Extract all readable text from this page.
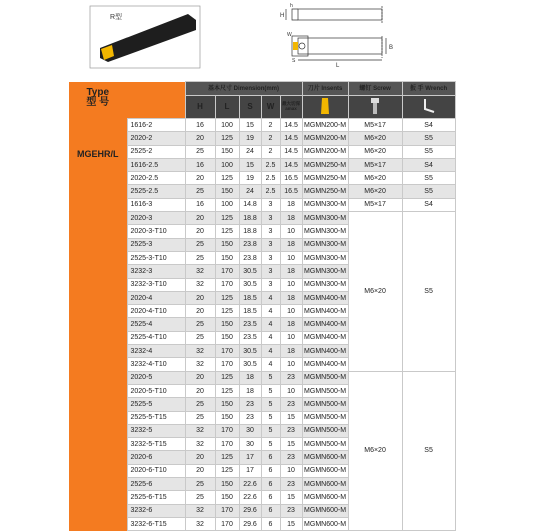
R型	H
h
W
S
L
B
Type
型 号
MGEHR/L		基本尺寸 Dimension(mm)					刀片 Insents	螺钉 Screw	扳 手 Wrench
		H	L	S	W	最大切深 amax			
	1616-2	16	100	15	2	14.5	MGMN200-M	M5×17	S4
	2020-2	20	125	19	2	14.5	MGMN200-M	M6×20	S5
	2525-2	25	150	24	2	14.5	MGMN200-M	M6×20	S5
	1616-2.5	16	100	15	2.5	14.5	MGMN250-M	M5×17	S4
	2020-2.5	20	125	19	2.5	16.5	MGMN250-M	M6×20	S5
	2525-2.5	25	150	24	2.5	16.5	MGMN250-M	M6×20	S5
	1616-3	16	100	14.8	3	18	MGMN300-M	M5×17	S4
	2020-3	20	125	18.8	3	18	MGMN300-M	M6×20	S5
	2020-3-T10	20	125	18.8	3	10	MGMN300-M		
	2525-3	25	150	23.8	3	18	MGMN300-M		
	2525-3-T10	25	150	23.8	3	10	MGMN300-M		
	3232-3	32	170	30.5	3	18	MGMN300-M		
	3232-3-T10	32	170	30.5	3	10	MGMN300-M		
	2020-4	20	125	18.5	4	18	MGMN400-M		
	2020-4-T10	20	125	18.5	4	10	MGMN400-M		
	2525-4	25	150	23.5	4	18	MGMN400-M		
	2525-4-T10	25	150	23.5	4	10	MGMN400-M		
	3232-4	32	170	30.5	4	18	MGMN400-M		
	3232-4-T10	32	170	30.5	4	10	MGMN400-M		
	2020-5	20	125	18	5	23	MGMN500-M	M6×20	S5
	2020-5-T10	20	125	18	5	10	MGMN500-M		
	2525-5	25	150	23	5	23	MGMN500-M		
	2525-5-T15	25	150	23	5	15	MGMN500-M		
	3232-5	32	170	30	5	23	MGMN500-M		
	3232-5-T15	32	170	30	5	15	MGMN500-M		
	2020-6	20	125	17	6	23	MGMN600-M		
	2020-6-T10	20	125	17	6	10	MGMN600-M		
	2525-6	25	150	22.6	6	23	MGMN600-M		
	2525-6-T15	25	150	22.6	6	15	MGMN600-M		
	3232-6	32	170	29.6	6	23	MGMN600-M		
	3232-6-T15	32	170	29.6	6	15	MGMN600-M		
